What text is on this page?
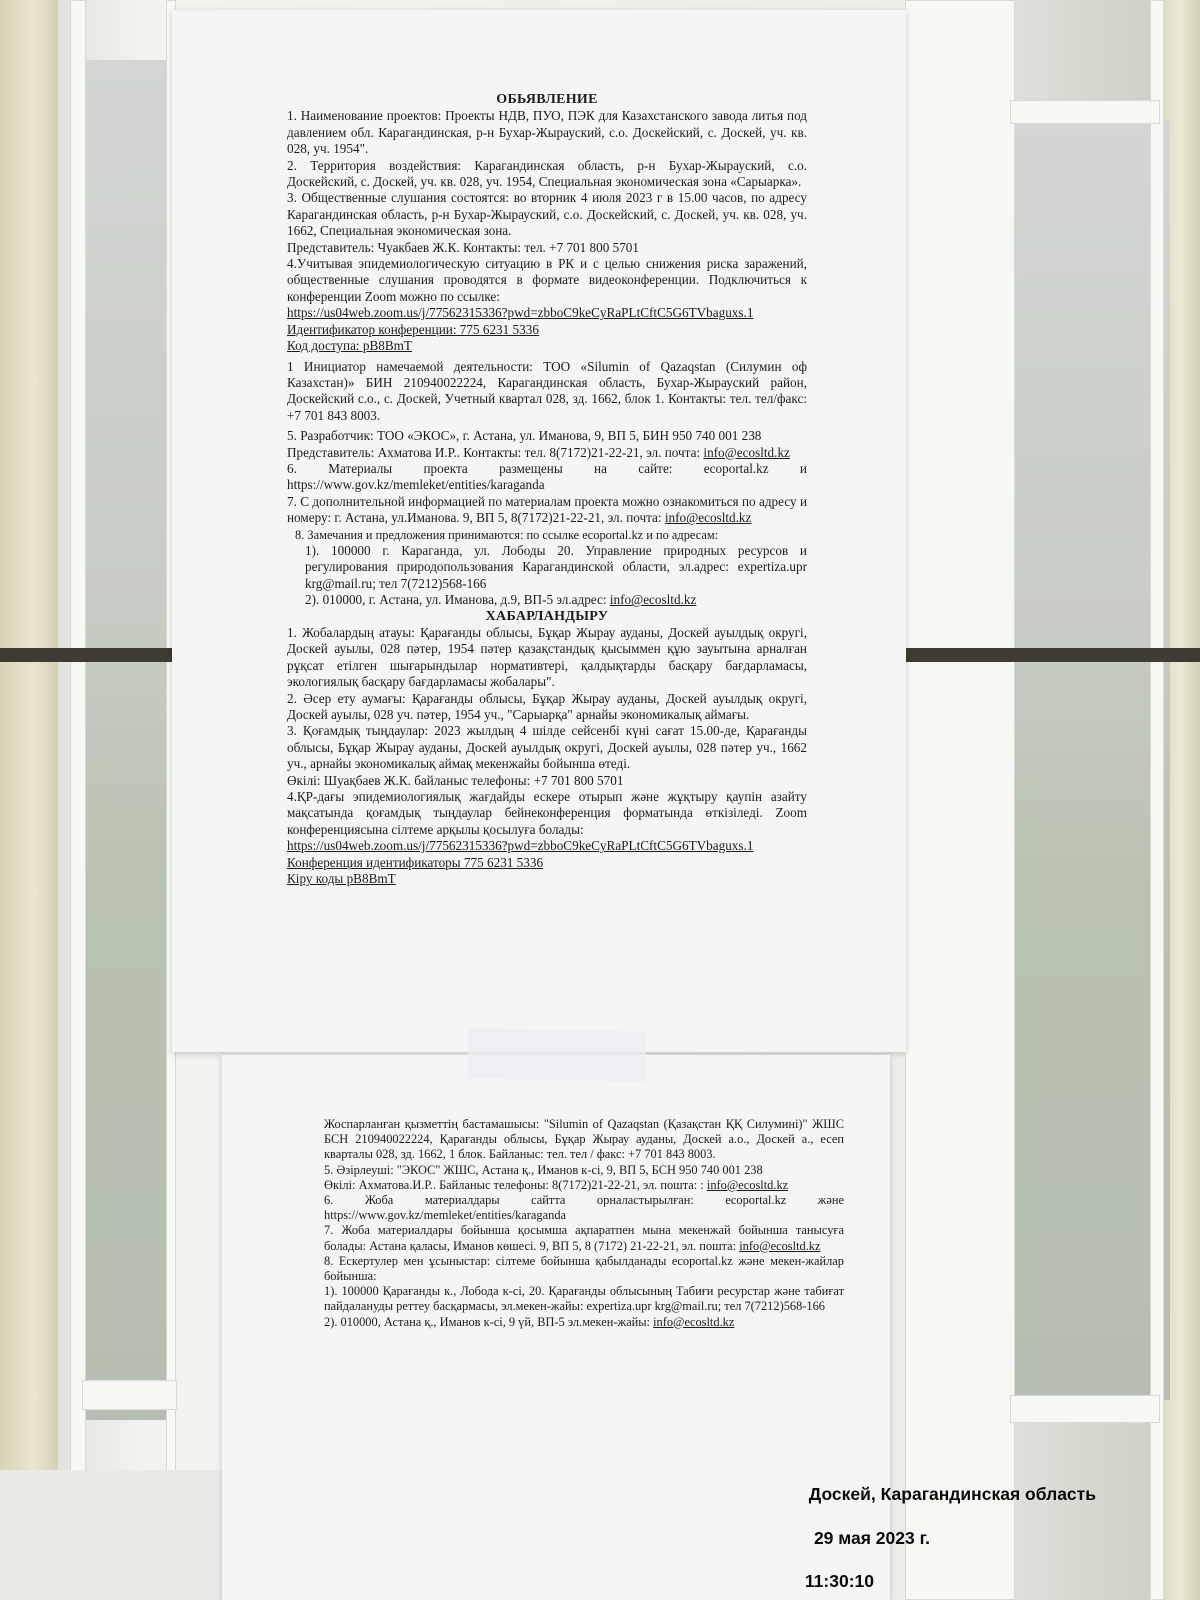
ОБЬЯВЛЕНИЕ

1. Наименование проектов: Проекты НДВ, ПУО, ПЭК для Казахстанского завода литья под давлением обл. Карагандинская, р-н Бухар-Жырауский, с.о. Доскейский, с. Доскей, уч. кв. 028, уч. 1954".

2. Территория воздействия: Карагандинская область, р-н Бухар-Жырауский, с.о. Доскейский, с. Доскей, уч. кв. 028, уч. 1954, Специальная экономическая зона «Сарыарка».

3. Общественные слушания состоятся: во вторник 4 июля 2023 г в 15.00 часов, по адресу Карагандинская область, р-н Бухар-Жырауский, с.о. Доскейский, с. Доскей, уч. кв. 028, уч. 1662, Специальная экономическая зона.

Представитель: Чуакбаев Ж.К. Контакты: тел. +7 701 800 5701

4.Учитывая эпидемиологическую ситуацию в РК и с целью снижения риска заражений, общественные слушания проводятся в формате видеоконференции. Подключиться к конференции Zoom можно по ссылке:

https://us04web.zoom.us/j/77562315336?pwd=zbboC9keCyRaPLtCftC5G6TVbaguxs.1

Идентификатор конференции: 775 6231 5336

Код доступа: pB8BmT

1 Инициатор намечаемой деятельности: ТОО «Silumin of Qazaqstan (Силумин оф Казахстан)» БИН 210940022224, Карагандинская область, Бухар-Жырауский район, Доскейский с.о., с. Доскей, Учетный квартал 028, зд. 1662, блок 1. Контакты: тел. тел/факс: +7 701 843 8003.

5. Разработчик: ТОО «ЭКОС», г. Астана, ул. Иманова, 9, ВП 5, БИН 950 740 001 238

Представитель: Ахматова И.Р.. Контакты: тел. 8(7172)21-22-21, эл. почта: info@ecosltd.kz

6. Материалы проекта размещены на сайте: ecoportal.kz и https://www.gov.kz/memleket/entities/karaganda

7. С дополнительной информацией по материалам проекта можно ознакомиться по адресу и номеру: г. Астана, ул.Иманова. 9, ВП 5, 8(7172)21-22-21, эл. почта: info@ecosltd.kz

8. Замечания и предложения принимаются: по ссылке ecoportal.kz и по адресам:

1). 100000 г. Караганда, ул. Лободы 20. Управление природных ресурсов и регулирования природопользования Карагандинской области, эл.адрес: expertiza.upr krg@mail.ru; тел 7(7212)568-166

2). 010000, г. Астана, ул. Иманова, д.9, ВП-5 эл.адрес: info@ecosltd.kz

ХАБАРЛАНДЫРУ

1. Жобалардың атауы: Қарағанды облысы, Бұқар Жырау ауданы, Доскей ауылдық округі, Доскей ауылы, 028 пәтер, 1954 пәтер қазақстандық қысыммен құю зауытына арналған рұқсат етілген шығарындылар нормативтері, қалдықтарды басқару бағдарламасы, экологиялық басқару бағдарламасы жобалары".

2. Әсер ету аумағы: Қарағанды облысы, Бұқар Жырау ауданы, Доскей ауылдық округі, Доскей ауылы, 028 уч. пәтер, 1954 уч., "Сарыарқа" арнайы экономикалық аймағы.

3. Қоғамдық тыңдаулар: 2023 жылдың 4 шілде сейсенбі күні сағат 15.00-де, Қарағанды облысы, Бұқар Жырау ауданы, Доскей ауылдық округі, Доскей ауылы, 028 пәтер уч., 1662 уч., арнайы экономикалық аймақ мекенжайы бойынша өтеді.

Өкілі: Шуақбаев Ж.К. байланыс телефоны: +7 701 800 5701

4.ҚР-дағы эпидемиологиялық жағдайды ескере отырып және жұқтыру қаупін азайту мақсатында қоғамдық тыңдаулар бейнеконференция форматында өткізіледі. Zoom конференциясына сілтеме арқылы қосылуға болады:

https://us04web.zoom.us/j/77562315336?pwd=zbboC9keCyRaPLtCftC5G6TVbaguxs.1

Конференция идентификаторы 775 6231 5336

Кіру коды pB8BmT

Жоспарланған қызметтің бастамашысы: "Silumin of Qazaqstan (Қазақстан ҚҚ Силумині)" ЖШС БСН 210940022224, Қарағанды облысы, Бұқар Жырау ауданы, Доскей а.о., Доскей а., есеп кварталы 028, зд. 1662, 1 блок. Байланыс: тел. тел / факс: +7 701 843 8003.

5. Әзірлеуші: "ЭКОС" ЖШС, Астана қ., Иманов к-сі, 9, ВП 5, БСН 950 740 001 238

Өкілі: Ахматова.И.Р.. Байланыс телефоны: 8(7172)21-22-21, эл. пошта: : info@ecosltd.kz

6. Жоба материалдары сайтта орналастырылған: ecoportal.kz және https://www.gov.kz/memleket/entities/karaganda

7. Жоба материалдары бойынша қосымша ақпаратпен мына мекенжай бойынша танысуға болады: Астана қаласы, Иманов көшесі. 9, ВП 5, 8 (7172) 21-22-21, эл. пошта: info@ecosltd.kz

8. Ескертулер мен ұсыныстар: сілтеме бойынша қабылданады ecoportal.kz және мекен-жайлар бойынша:

1). 100000 Қарағанды к., Лобода к-сі, 20. Қарағанды облысының Табиғи ресурстар және табиғат пайдалануды реттеу басқармасы, эл.мекен-жайы: expertiza.upr krg@mail.ru; тел 7(7212)568-166

2). 010000, Астана қ., Иманов к-сі, 9 үй, ВП-5 эл.мекен-жайы: info@ecosltd.kz

Доскей, Карагандинская область
29 мая 2023 г.
11:30:10
